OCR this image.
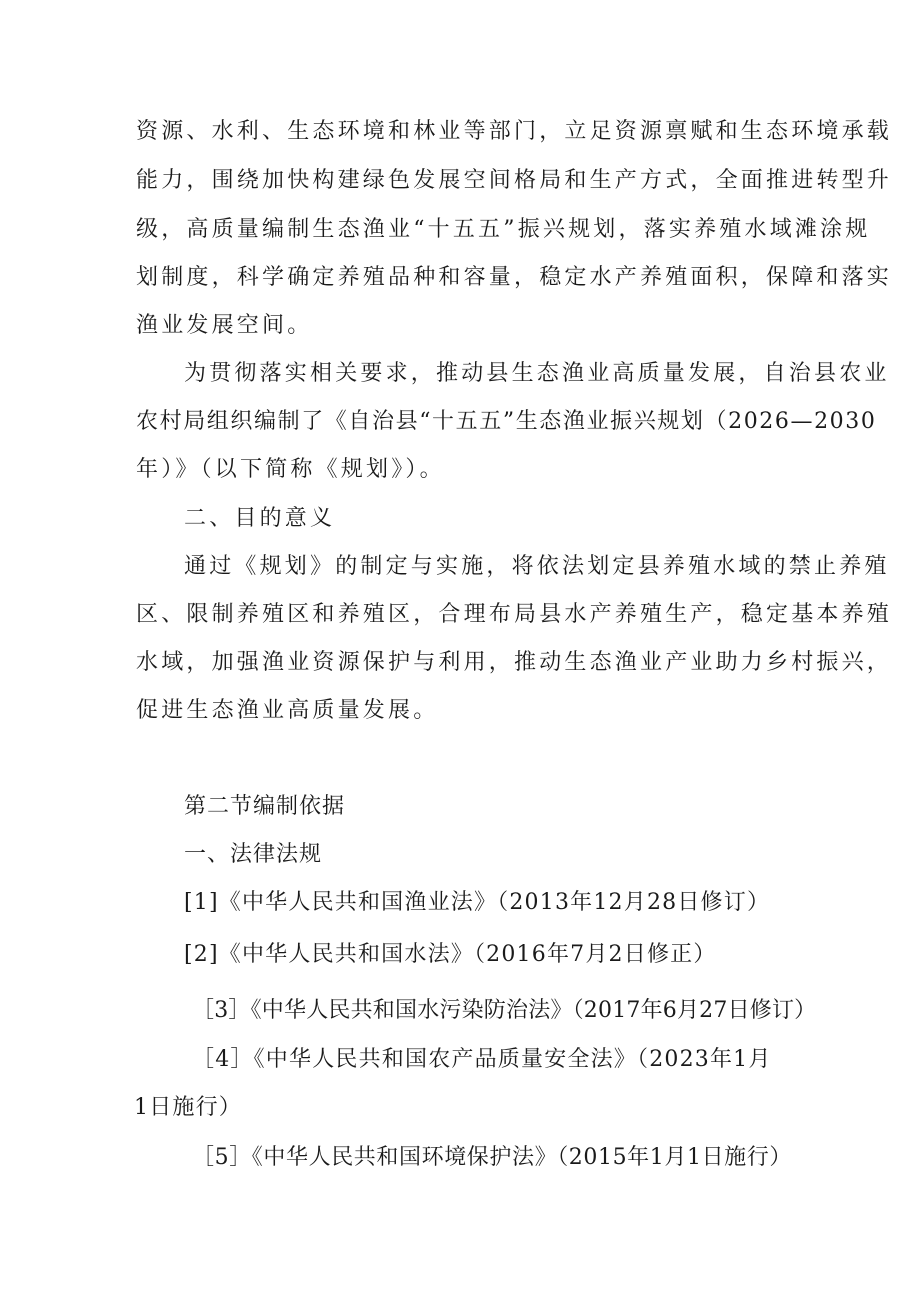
资源、水利、生态环境和林业等部门，立足资源禀赋和生态环境承载
能力，围绕加快构建绿色发展空间格局和生产方式，全面推进转型升
级，高质量编制生态渔业“十五五”振兴规划，落实养殖水域滩涂规
划制度，科学确定养殖品种和容量，稳定水产养殖面积，保障和落实
渔业发展空间。
为贯彻落实相关要求，推动县生态渔业高质量发展，自治县农业
农村局组织编制了《自治县“十五五”生态渔业振兴规划（2026—2030
年）》（以下简称《规划》）。
二、目的意义
通过《规划》的制定与实施，将依法划定县养殖水域的禁止养殖
区、限制养殖区和养殖区，合理布局县水产养殖生产，稳定基本养殖
水域，加强渔业资源保护与利用，推动生态渔业产业助力乡村振兴，
促进生态渔业高质量发展。
第二节编制依据
一、法律法规
[1]《中华人民共和国渔业法》（2013年12月28日修订）
[2]《中华人民共和国水法》（2016年7月2日修正）
［3］《中华人民共和国水污染防治法》（2017年6月27日修订）
［4］《中华人民共和国农产品质量安全法》（2023年1月
1日施行）
［5］《中华人民共和国环境保护法》（2015年1月1日施行）
